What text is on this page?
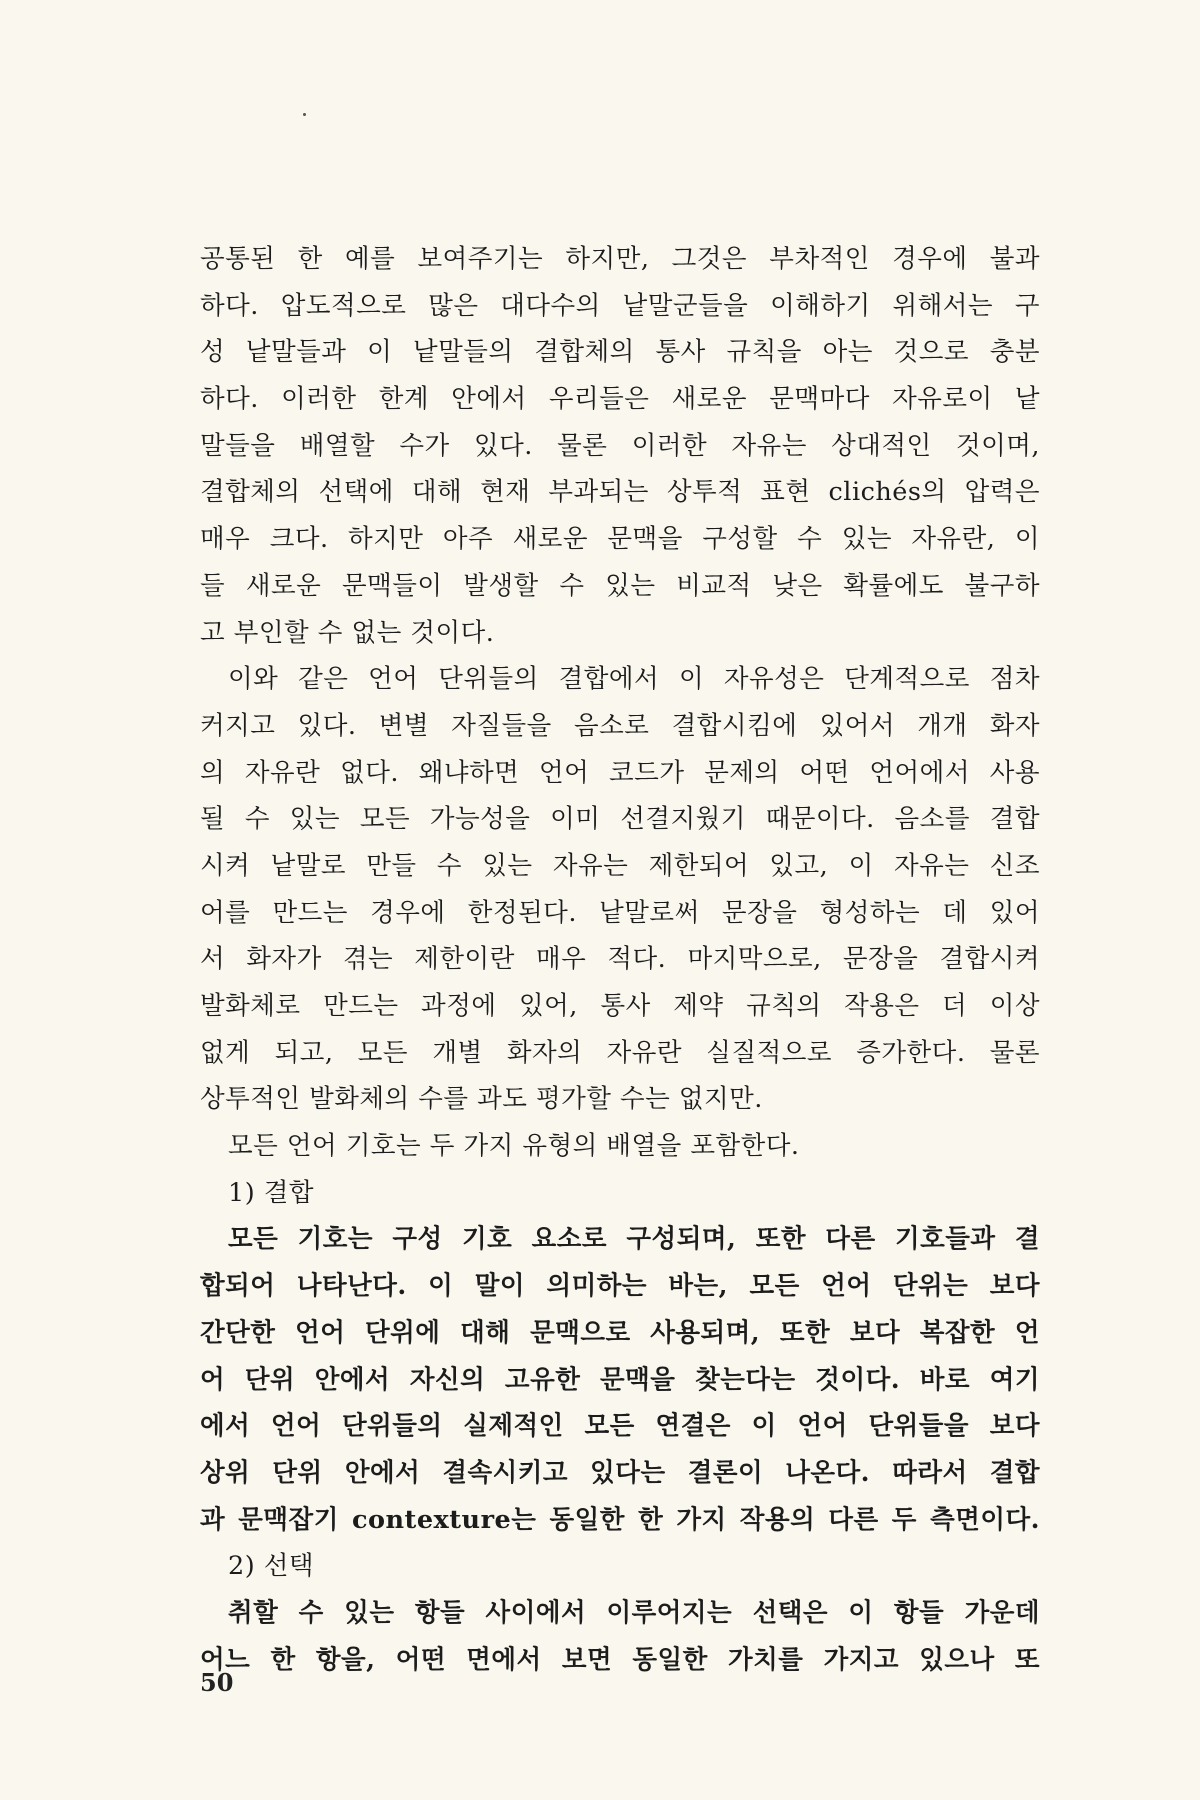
공통된 한 예를 보여주기는 하지만, 그것은 부차적인 경우에 불과
하다. 압도적으로 많은 대다수의 낱말군들을 이해하기 위해서는 구
성 낱말들과 이 낱말들의 결합체의 통사 규칙을 아는 것으로 충분
하다. 이러한 한계 안에서 우리들은 새로운 문맥마다 자유로이 낱
말들을 배열할 수가 있다. 물론 이러한 자유는 상대적인 것이며,
결합체의 선택에 대해 현재 부과되는 상투적 표현 clichés의 압력은
매우 크다. 하지만 아주 새로운 문맥을 구성할 수 있는 자유란, 이
들 새로운 문맥들이 발생할 수 있는 비교적 낮은 확률에도 불구하
고 부인할 수 없는 것이다.
이와 같은 언어 단위들의 결합에서 이 자유성은 단계적으로 점차
커지고 있다. 변별 자질들을 음소로 결합시킴에 있어서 개개 화자
의 자유란 없다. 왜냐하면 언어 코드가 문제의 어떤 언어에서 사용
될 수 있는 모든 가능성을 이미 선결지웠기 때문이다. 음소를 결합
시켜 낱말로 만들 수 있는 자유는 제한되어 있고, 이 자유는 신조
어를 만드는 경우에 한정된다. 낱말로써 문장을 형성하는 데 있어
서 화자가 겪는 제한이란 매우 적다. 마지막으로, 문장을 결합시켜
발화체로 만드는 과정에 있어, 통사 제약 규칙의 작용은 더 이상
없게 되고, 모든 개별 화자의 자유란 실질적으로 증가한다. 물론
상투적인 발화체의 수를 과도 평가할 수는 없지만.
모든 언어 기호는 두 가지 유형의 배열을 포함한다.
1) 결합
모든 기호는 구성 기호 요소로 구성되며, 또한 다른 기호들과 결
합되어 나타난다. 이 말이 의미하는 바는, 모든 언어 단위는 보다
간단한 언어 단위에 대해 문맥으로 사용되며, 또한 보다 복잡한 언
어 단위 안에서 자신의 고유한 문맥을 찾는다는 것이다. 바로 여기
에서 언어 단위들의 실제적인 모든 연결은 이 언어 단위들을 보다
상위 단위 안에서 결속시키고 있다는 결론이 나온다. 따라서 결합
과 문맥잡기 contexture는 동일한 한 가지 작용의 다른 두 측면이다.
2) 선택
취할 수 있는 항들 사이에서 이루어지는 선택은 이 항들 가운데
어느 한 항을, 어떤 면에서 보면 동일한 가치를 가지고 있으나 또
50
